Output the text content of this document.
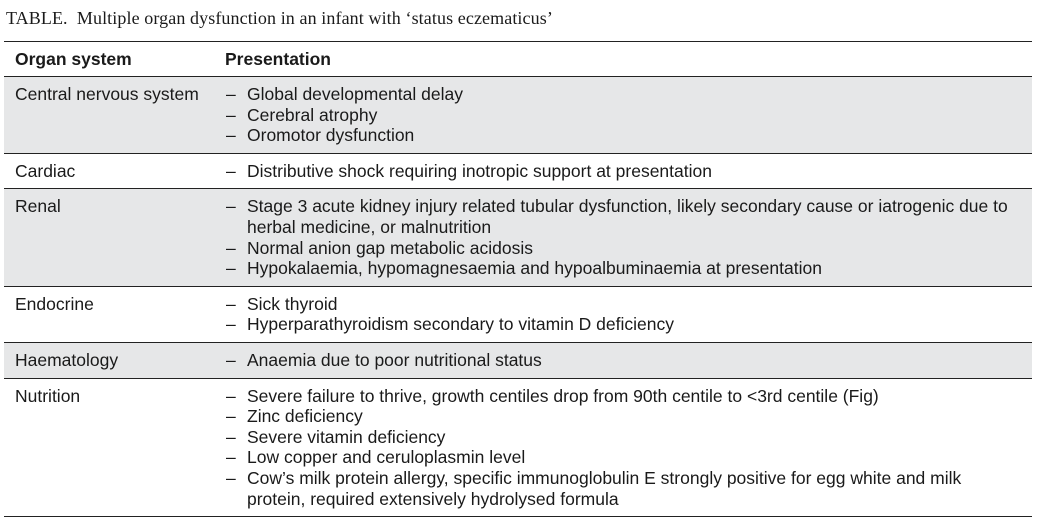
TABLE. Multiple organ dysfunction in an infant with ‘status eczematicus’
Organ system	Presentation
Central nervous system	– Global developmental delay
– Cerebral atrophy
– Oromotor dysfunction
Cardiac	– Distributive shock requiring inotropic support at presentation
Renal	– Stage 3 acute kidney injury related tubular dysfunction, likely secondary cause or iatrogenic due to herbal medicine, or malnutrition
– Normal anion gap metabolic acidosis
– Hypokalaemia, hypomagnesaemia and hypoalbuminaemia at presentation
Endocrine	– Sick thyroid
– Hyperparathyroidism secondary to vitamin D deficiency
Haematology	– Anaemia due to poor nutritional status
Nutrition	– Severe failure to thrive, growth centiles drop from 90th centile to <3rd centile (Fig)
– Zinc deficiency
– Severe vitamin deficiency
– Low copper and ceruloplasmin level
– Cow’s milk protein allergy, specific immunoglobulin E strongly positive for egg white and milk protein, required extensively hydrolysed formula
